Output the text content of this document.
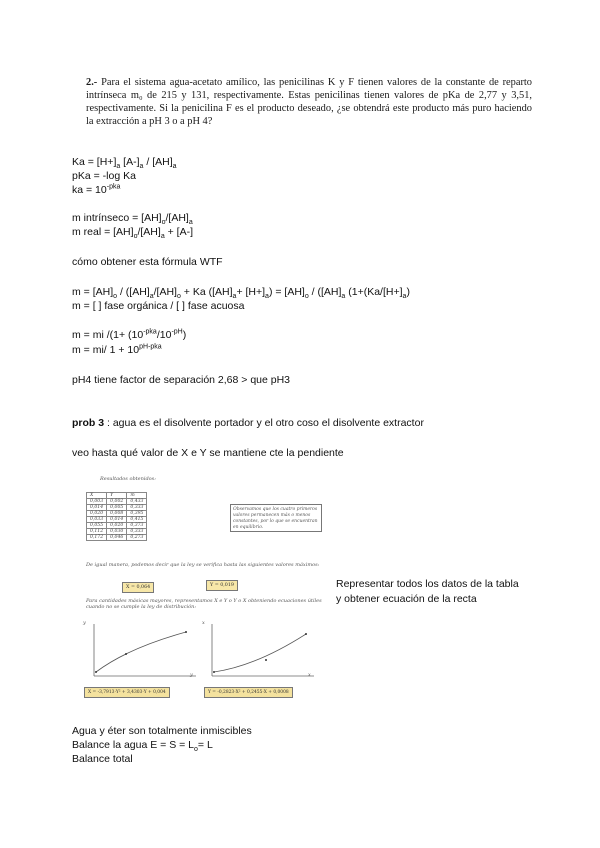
2.- Para el sistema agua-acetato amílico, las penicilinas K y F tienen valores de la constante de reparto intrínseca m₀ de 215 y 131, respectivamente. Estas penicilinas tienen valores de pKa de 2,77 y 3,51, respectivamente. Si la penicilina F es el producto deseado, ¿se obtendrá este producto más puro haciendo la extracción a pH 3 o a pH 4?
$Ka = [H+]_a$ $[A-]_a / [AH]_a$
pKa = -log Ka
ka = $10^{-pka}$
m intrínseco = $[AH]_o/[AH]_a$
m real = $[AH]_o/[AH]_a + [A-]$
cómo obtener esta fórmula WTF
$m = [AH]_o / ([AH]_a/[AH]_o + Ka$ $([AH]_a+ [H+]_a) = [AH]_o / ([AH]_a$ ($1+(Ka/[H+]_a)$
m = [ ] fase orgánica / [ ] fase acuosa
m = mi $/(1+ (10^{-pka}/10^{-pH})$
m = mi/ $1 + 10^{pH-pka}$
pH4 tiene factor de separación 2,68 > que pH3
prob 3 : agua es el disolvente portador y el otro coso el disolvente extractor
veo hasta qué valor de X e Y se mantiene cte la pendiente
Resultados obtenidos:
X	Y	m
0,003	0,002	0,433
0,014	0,005	0,333
0,020	0,008	0,395
0,033	0,014	0,415
0,055	0,020	0,373
0,112	0,030	0,333
0,172	0,046	0,273
Observamos que los cuatro primeros valores permanecen más o menos constantes, por lo que se encuentran en equilibrio.
De igual manera, podemos decir que la ley se verifica hasta las siguientes valores máximos:
X = 0,064	Y = 0,019
Para cantidades másicas mayores, representamos X e Y o Y o X obteniendo ecuaciones útiles cuando no se cumple la ley de distribución:
y
y
x
x
X = -3,7913·Y² + 3,4303·Y + 0,004	Y = -0,2823·X² + 0,2455·X + 0,0008
Representar todos los datos de la tabla y obtener ecuación de la recta
Agua y éter son totalmente inmiscibles
Balance la agua $E = S = L_o= L$
Balance total
